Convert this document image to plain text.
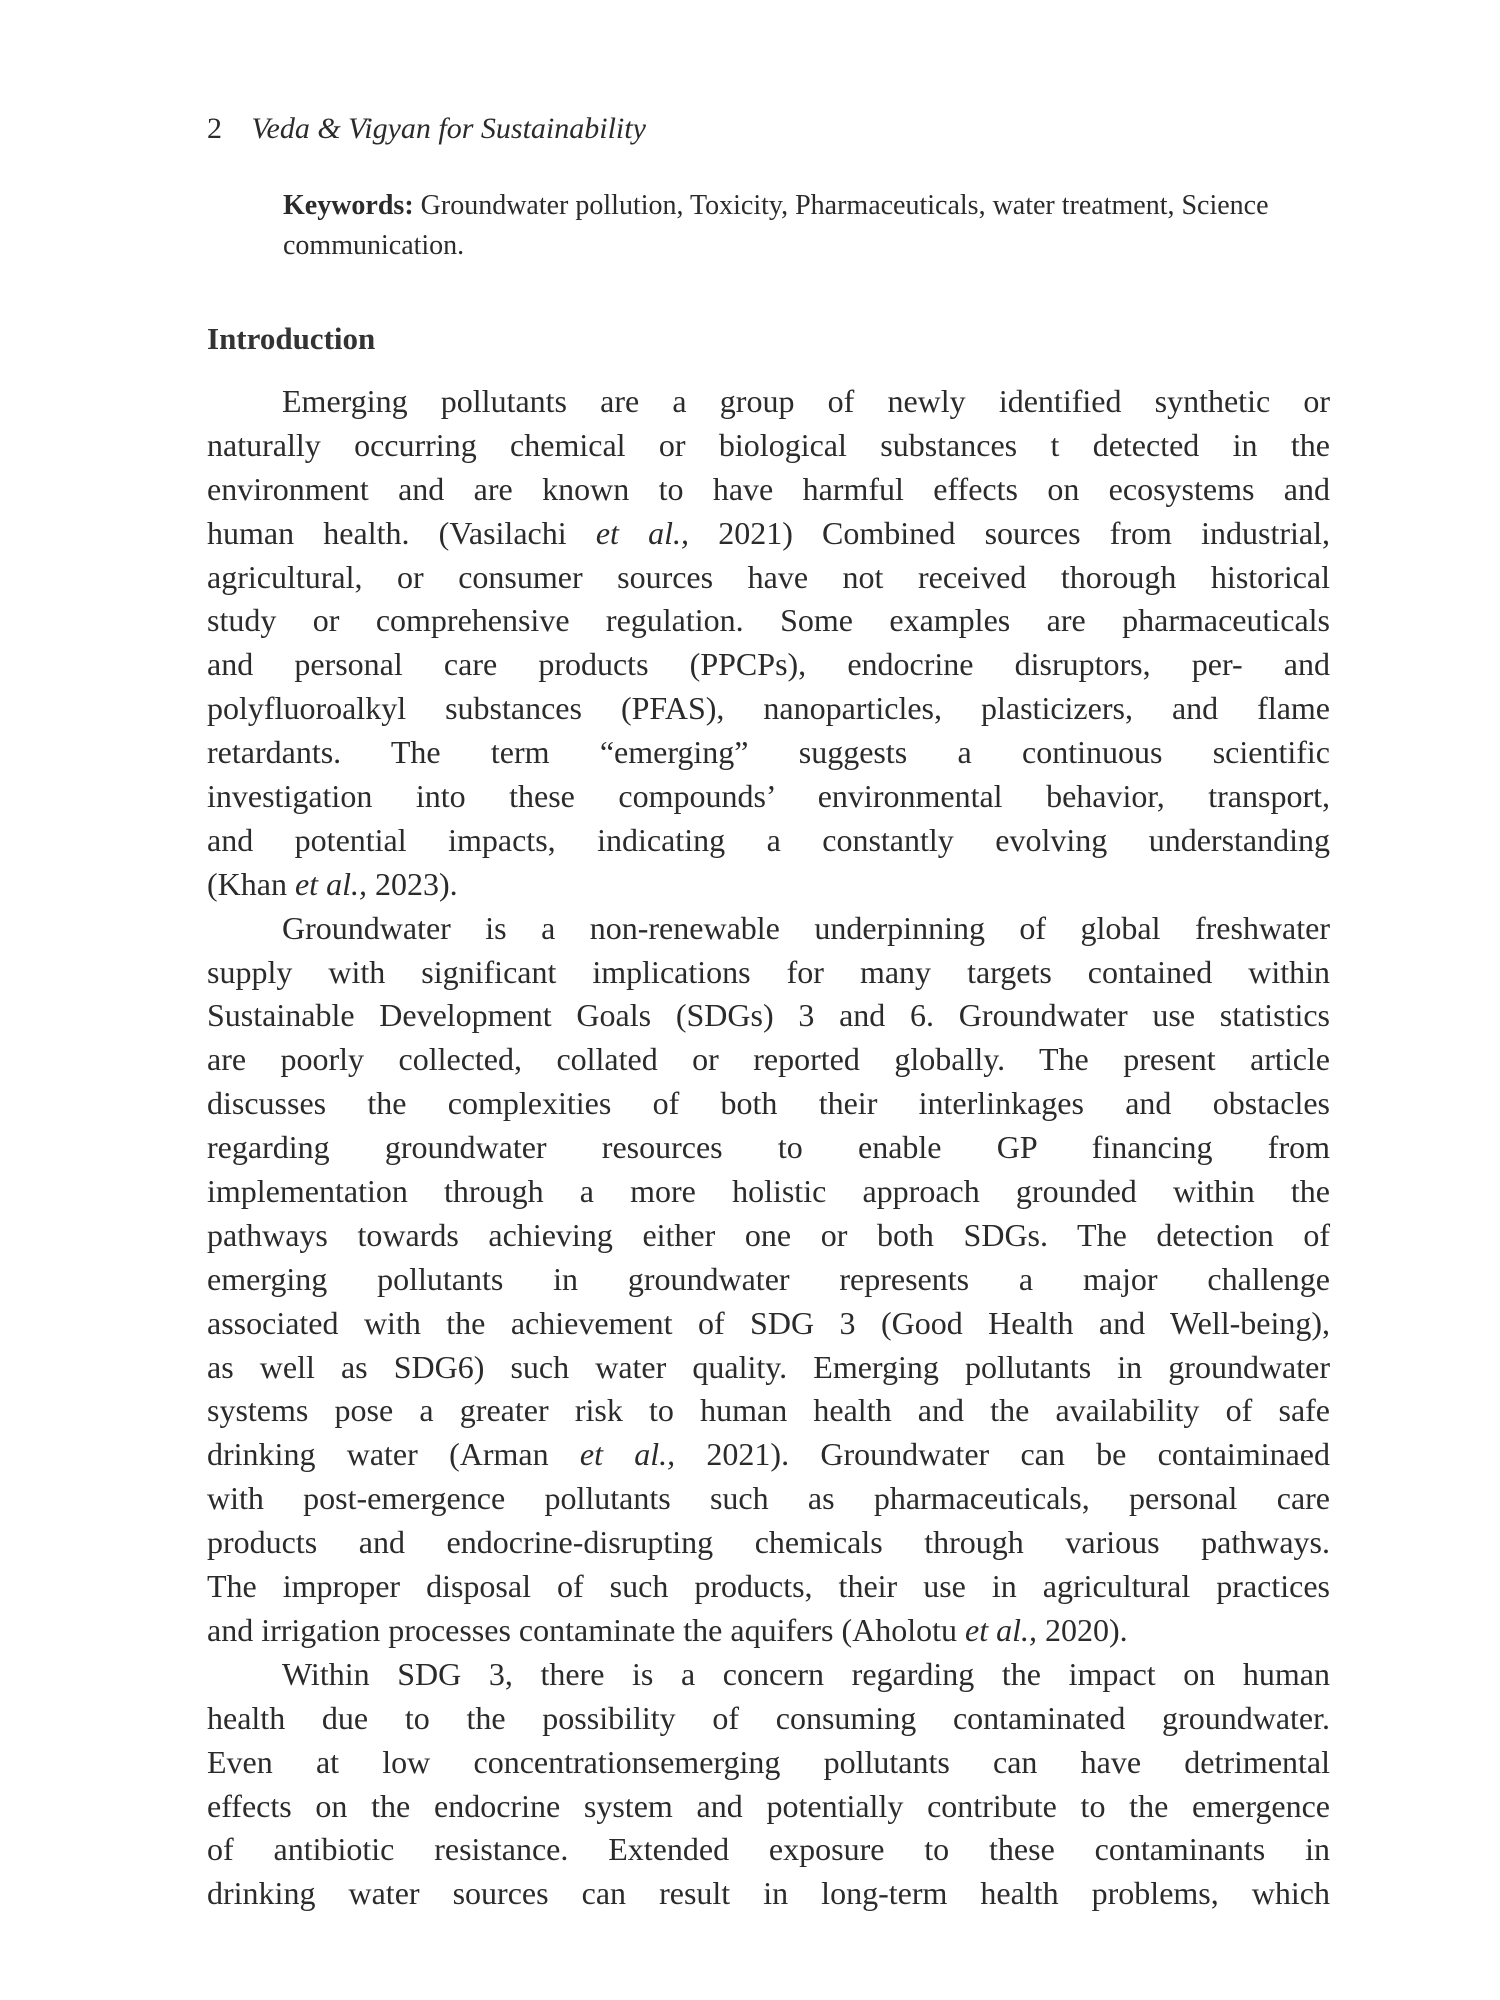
2 Veda & Vigyan for Sustainability
Keywords: Groundwater pollution, Toxicity, Pharmaceuticals, water treatment, Science communication.
Introduction
Emerging pollutants are a group of newly identified synthetic or
naturally occurring chemical or biological substances t detected in the
environment and are known to have harmful effects on ecosystems and
human health. (Vasilachi et al., 2021) Combined sources from industrial,
agricultural, or consumer sources have not received thorough historical
study or comprehensive regulation. Some examples are pharmaceuticals
and personal care products (PPCPs), endocrine disruptors, per- and
polyfluoroalkyl substances (PFAS), nanoparticles, plasticizers, and flame
retardants. The term “emerging” suggests a continuous scientific
investigation into these compounds’ environmental behavior, transport,
and potential impacts, indicating a constantly evolving understanding
(Khan et al., 2023).
Groundwater is a non-renewable underpinning of global freshwater
supply with significant implications for many targets contained within
Sustainable Development Goals (SDGs) 3 and 6. Groundwater use statistics
are poorly collected, collated or reported globally. The present article
discusses the complexities of both their interlinkages and obstacles
regarding groundwater resources to enable GP financing from
implementation through a more holistic approach grounded within the
pathways towards achieving either one or both SDGs. The detection of
emerging pollutants in groundwater represents a major challenge
associated with the achievement of SDG 3 (Good Health and Well-being),
as well as SDG6) such water quality. Emerging pollutants in groundwater
systems pose a greater risk to human health and the availability of safe
drinking water (Arman et al., 2021). Groundwater can be contaiminaed
with post-emergence pollutants such as pharmaceuticals, personal care
products and endocrine-disrupting chemicals through various pathways.
The improper disposal of such products, their use in agricultural practices
and irrigation processes contaminate the aquifers (Aholotu et al., 2020).
Within SDG 3, there is a concern regarding the impact on human
health due to the possibility of consuming contaminated groundwater.
Even at low concentrationsemerging pollutants can have detrimental
effects on the endocrine system and potentially contribute to the emergence
of antibiotic resistance. Extended exposure to these contaminants in
drinking water sources can result in long-term health problems, which
